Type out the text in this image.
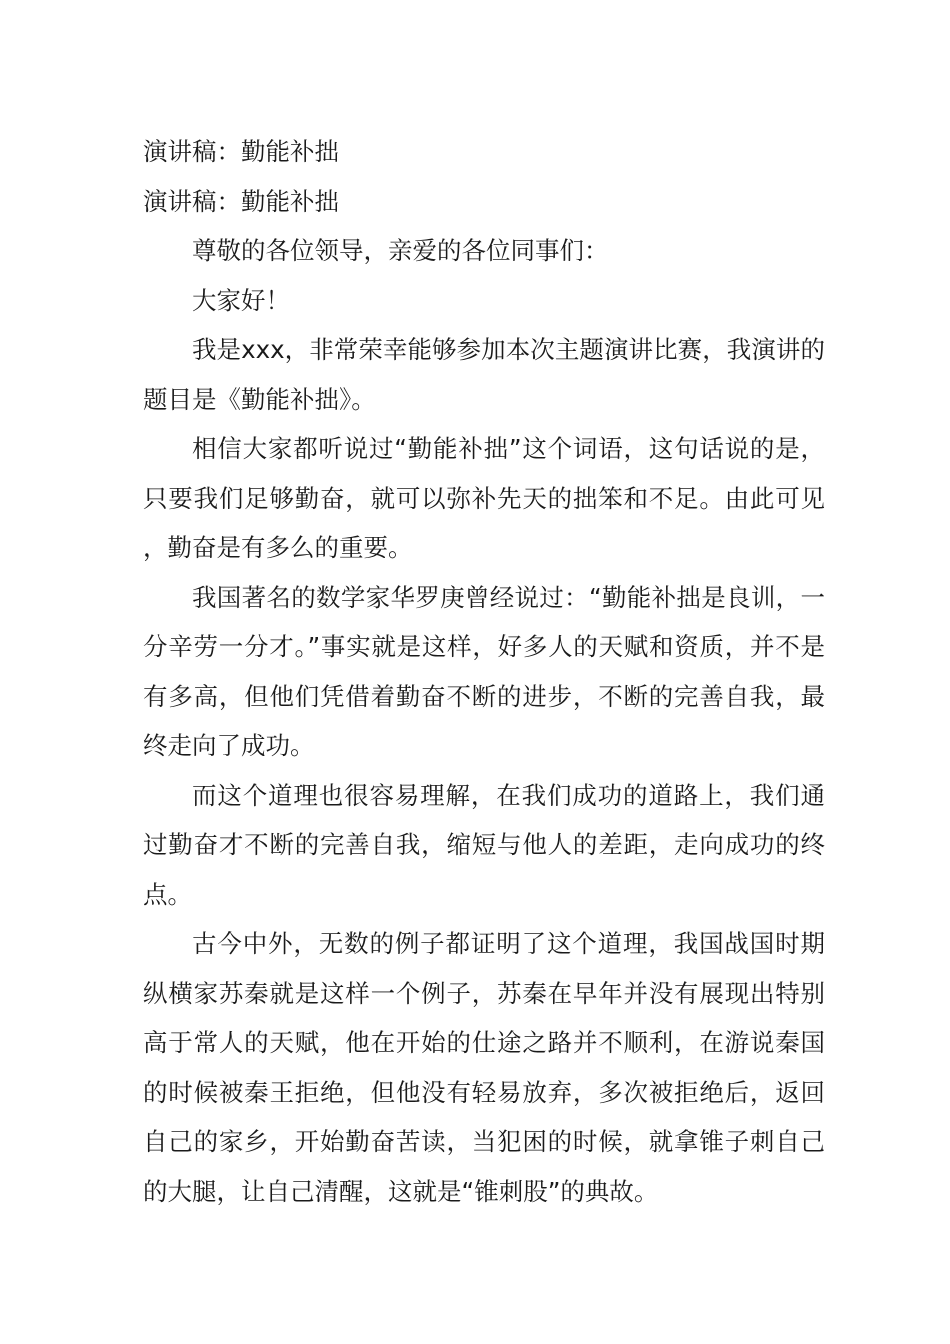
演讲稿：勤能补拙

演讲稿：勤能补拙

尊敬的各位领导，亲爱的各位同事们：

大家好！

我是xxx，非常荣幸能够参加本次主题演讲比赛，我演讲的题目是《勤能补拙》。

相信大家都听说过“勤能补拙”这个词语，这句话说的是，只要我们足够勤奋，就可以弥补先天的拙笨和不足。由此可见，勤奋是有多么的重要。

我国著名的数学家华罗庚曾经说过：“勤能补拙是良训，一分辛劳一分才。”事实就是这样，好多人的天赋和资质，并不是有多高，但他们凭借着勤奋不断的进步，不断的完善自我，最终走向了成功。

而这个道理也很容易理解，在我们成功的道路上，我们通过勤奋才不断的完善自我，缩短与他人的差距，走向成功的终点。

古今中外，无数的例子都证明了这个道理，我国战国时期纵横家苏秦就是这样一个例子，苏秦在早年并没有展现出特别高于常人的天赋，他在开始的仕途之路并不顺利，在游说秦国的时候被秦王拒绝，但他没有轻易放弃，多次被拒绝后，返回自己的家乡，开始勤奋苦读，当犯困的时候，就拿锥子刺自己的大腿，让自己清醒，这就是“锥刺股”的典故。
